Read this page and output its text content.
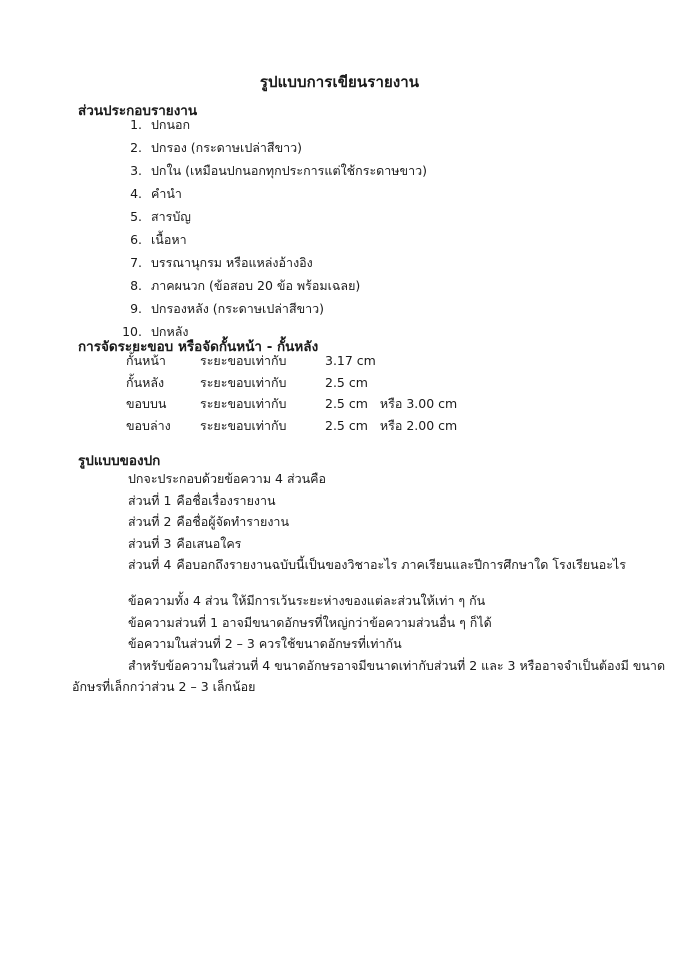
รูปแบบการเขียนรายงาน
ส่วนประกอบรายงาน
1. ปกนอก
2. ปกรอง (กระดาษเปล่าสีขาว)
3. ปกใน (เหมือนปกนอกทุกประการแต่ใช้กระดาษขาว)
4. คำนำ
5. สารบัญ
6. เนื้อหา
7. บรรณานุกรม หรือแหล่งอ้างอิง
8. ภาคผนวก (ข้อสอบ 20 ข้อ พร้อมเฉลย)
9. ปกรองหลัง (กระดาษเปล่าสีขาว)
10. ปกหลัง
การจัดระยะขอบ หรือจัดกั้นหน้า - กั้นหลัง
กั้นหน้า	ระยะขอบเท่ากับ	3.17 cm
กั้นหลัง	ระยะขอบเท่ากับ	2.5 cm
ขอบบน	ระยะขอบเท่ากับ	2.5 cm หรือ 3.00 cm
ขอบล่าง	ระยะขอบเท่ากับ	2.5 cm หรือ 2.00 cm
รูปแบบของปก
ปกจะประกอบด้วยข้อความ 4 ส่วนคือ
ส่วนที่ 1 คือชื่อเรื่องรายงาน
ส่วนที่ 2 คือชื่อผู้จัดทำรายงาน
ส่วนที่ 3 คือเสนอใคร
ส่วนที่ 4 คือบอกถึงรายงานฉบับนี้เป็นของวิชาอะไร ภาคเรียนและปีการศึกษาใด โรงเรียนอะไร
ข้อความทั้ง 4 ส่วน ให้มีการเว้นระยะห่างของแต่ละส่วนให้เท่า ๆ กัน
ข้อความส่วนที่ 1 อาจมีขนาดอักษรที่ใหญ่กว่าข้อความส่วนอื่น ๆ ก็ได้
ข้อความในส่วนที่ 2 – 3 ควรใช้ขนาดอักษรที่เท่ากัน
สำหรับข้อความในส่วนที่ 4 ขนาดอักษรอาจมีขนาดเท่ากับส่วนที่ 2 และ 3 หรืออาจจำเป็นต้องมี ขนาดอักษรที่เล็กกว่าส่วน 2 – 3 เล็กน้อย
